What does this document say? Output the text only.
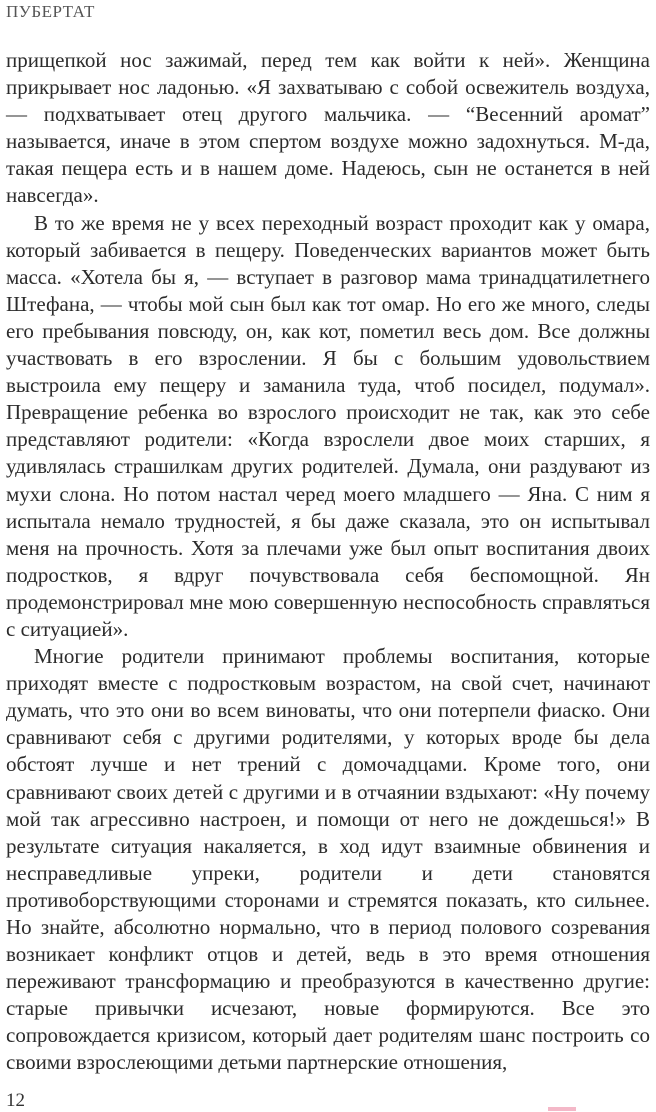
ПУБЕРТАТ

прищепкой нос зажимай, перед тем как войти к ней». Женщина прикрывает нос ладонью. «Я захватываю с собой освежитель воздуха, — подхватывает отец другого мальчика. — “Весенний аромат” называется, иначе в этом спертом воздухе можно задохнуться. М-да, такая пещера есть и в нашем доме. Надеюсь, сын не останется в ней навсегда».

В то же время не у всех переходный возраст проходит как у омара, который забивается в пещеру. Поведенческих вариантов может быть масса. «Хотела бы я, — вступает в разговор мама тринадцатилетнего Штефана, — чтобы мой сын был как тот омар. Но его же много, следы его пребывания повсюду, он, как кот, пометил весь дом. Все должны участвовать в его взрослении. Я бы с большим удовольствием выстроила ему пещеру и заманила туда, чтоб посидел, подумал». Превращение ребенка во взрослого происходит не так, как это себе представляют родители: «Когда взрослели двое моих старших, я удивлялась страшилкам других родителей. Думала, они раздувают из мухи слона. Но потом настал черед моего младшего — Яна. С ним я испытала немало трудностей, я бы даже сказала, это он испытывал меня на прочность. Хотя за плечами уже был опыт воспитания двоих подростков, я вдруг почувствовала себя беспомощной. Ян продемонстрировал мне мою совершенную неспособность справляться с ситуацией».

Многие родители принимают проблемы воспитания, которые приходят вместе с подростковым возрастом, на свой счет, начинают думать, что это они во всем виноваты, что они потерпели фиаско. Они сравнивают себя с другими родителями, у которых вроде бы дела обстоят лучше и нет трений с домочадцами. Кроме того, они сравнивают своих детей с другими и в отчаянии вздыхают: «Ну почему мой так агрессивно настроен, и помощи от него не дождешься!» В результате ситуация накаляется, в ход идут взаимные обвинения и несправедливые упреки, родители и дети становятся противоборствующими сторонами и стремятся показать, кто сильнее. Но знайте, абсолютно нормально, что в период полового созревания возникает конфликт отцов и детей, ведь в это время отношения переживают трансформацию и преобразуются в качественно другие: старые привычки исчезают, новые формируются. Все это сопровождается кризисом, который дает родителям шанс построить со своими взрослеющими детьми партнерские отношения,

12
